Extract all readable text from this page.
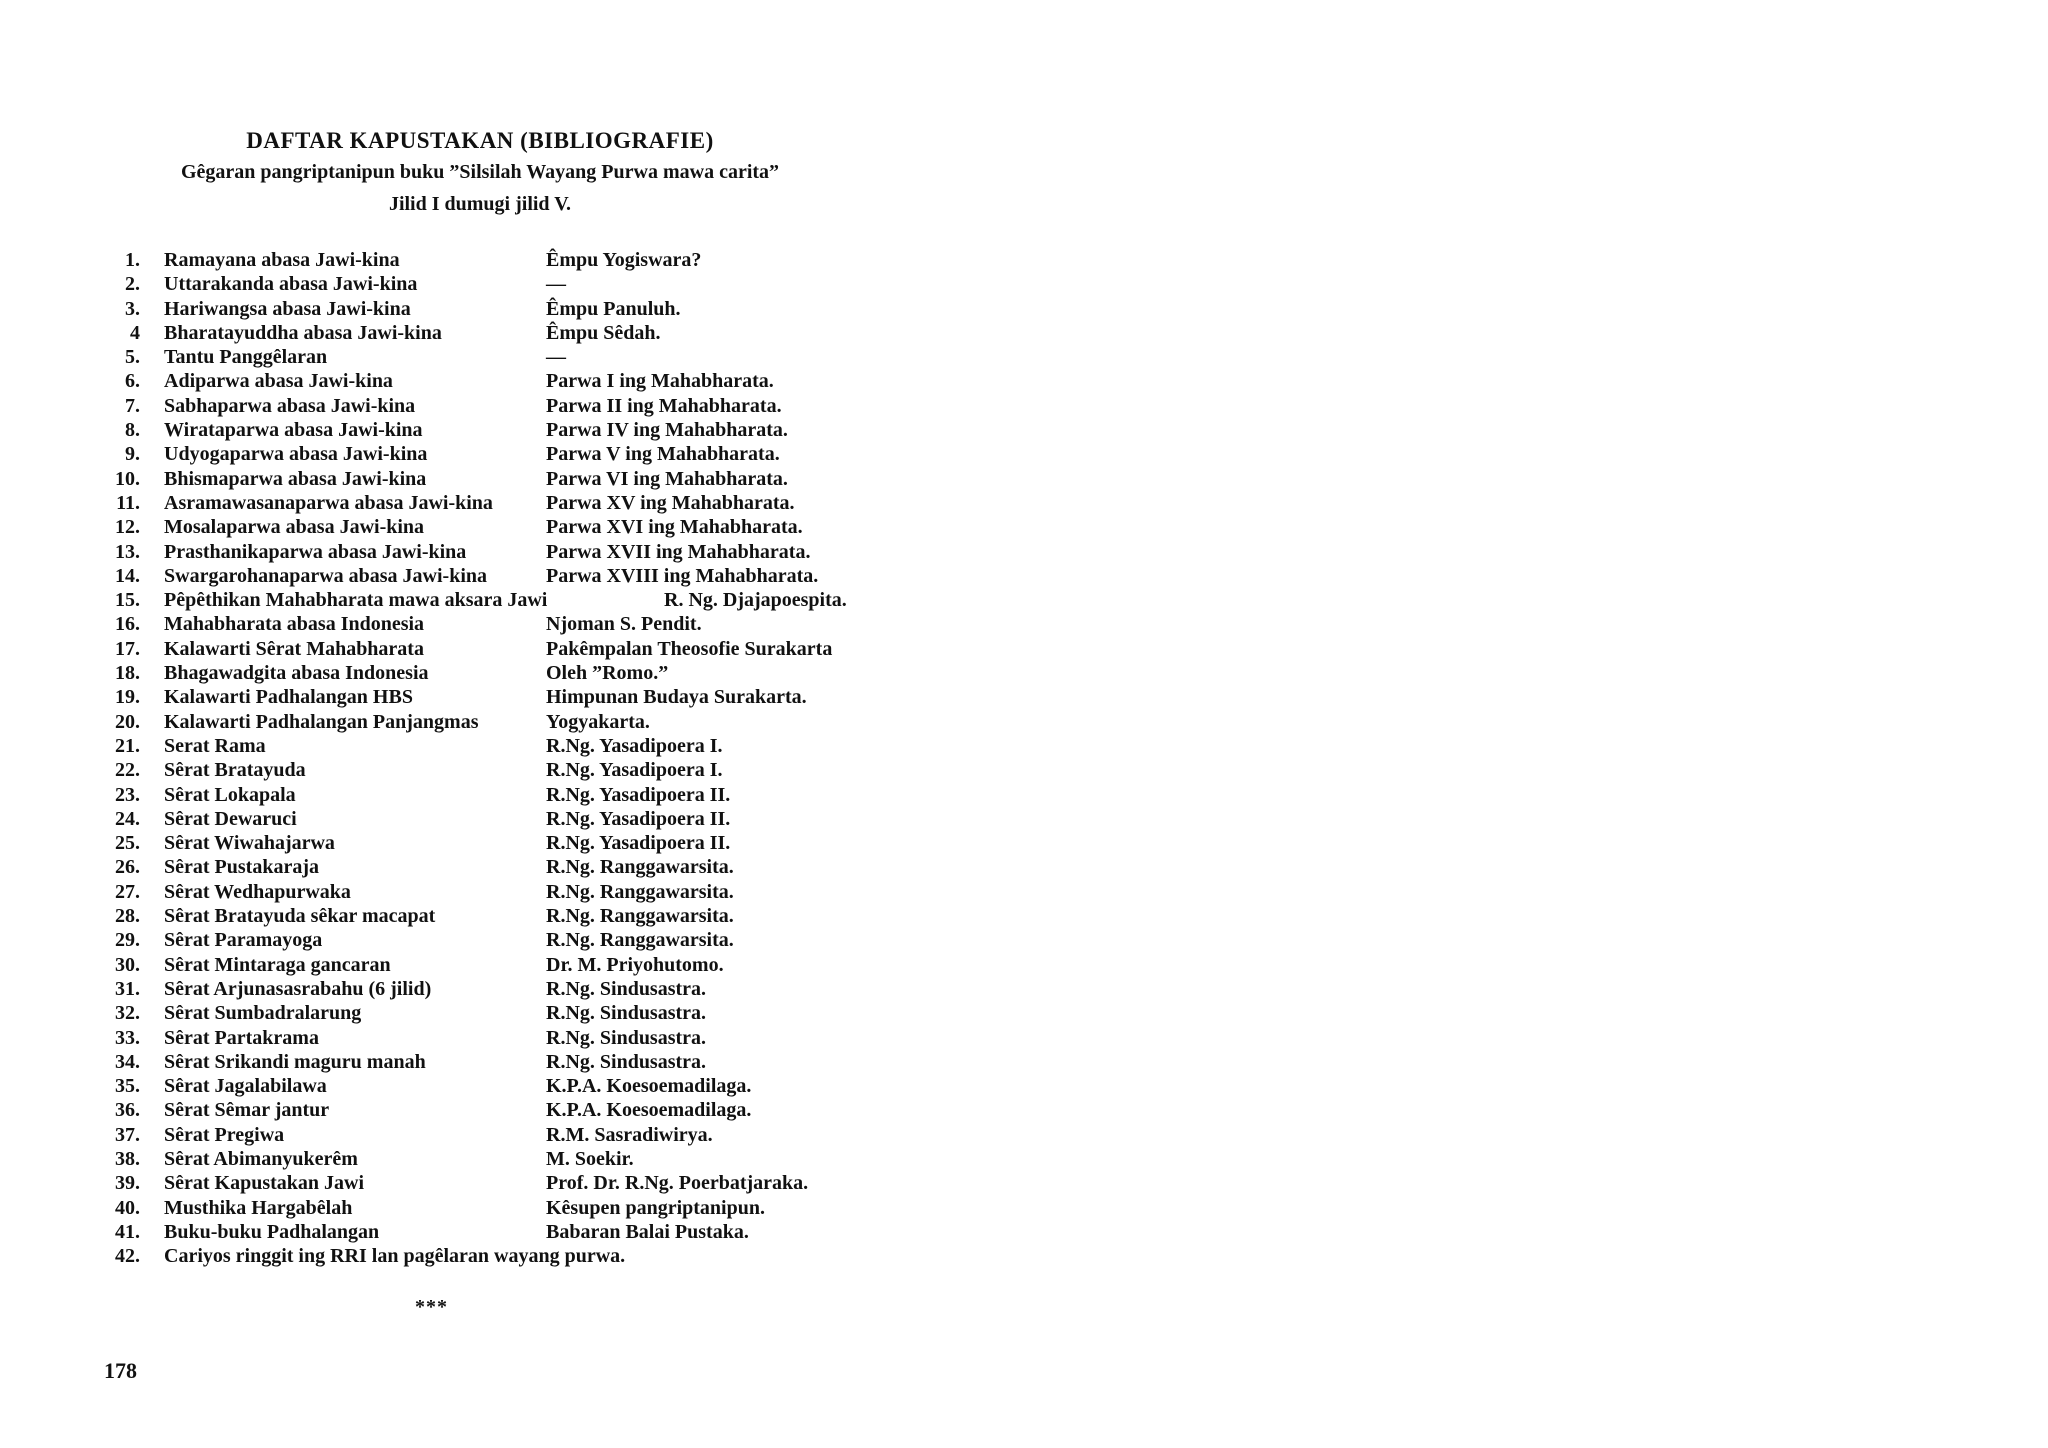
DAFTAR KAPUSTAKAN (BIBLIOGRAFIE)
Gêgaran pangriptanipun buku ”Silsilah Wayang Purwa mawa carita”
Jilid I dumugi jilid V.
1. Ramayana abasa Jawi-kina	Êmpu Yogiswara?
2. Uttarakanda abasa Jawi-kina	—
3. Hariwangsa abasa Jawi-kina	Êmpu Panuluh.
4 Bharatayuddha abasa Jawi-kina	Êmpu Sêdah.
5. Tantu Panggêlaran	—
6. Adiparwa abasa Jawi-kina	Parwa I ing Mahabharata.
7. Sabhaparwa abasa Jawi-kina	Parwa II ing Mahabharata.
8. Wirataparwa abasa Jawi-kina	Parwa IV ing Mahabharata.
9. Udyogaparwa abasa Jawi-kina	Parwa V ing Mahabharata.
10. Bhismaparwa abasa Jawi-kina	Parwa VI ing Mahabharata.
11. Asramawasanaparwa abasa Jawi-kina	Parwa XV ing Mahabharata.
12. Mosalaparwa abasa Jawi-kina	Parwa XVI ing Mahabharata.
13. Prasthanikaparwa abasa Jawi-kina	Parwa XVII ing Mahabharata.
14. Swargarohanaparwa abasa Jawi-kina	Parwa XVIII ing Mahabharata.
15. Pêpêthikan Mahabharata mawa aksara Jawi	R. Ng. Djajapoespita.
16. Mahabharata abasa Indonesia	Njoman S. Pendit.
17. Kalawarti Sêrat Mahabharata	Pakêmpalan Theosofie Surakarta
18. Bhagawadgita abasa Indonesia	Oleh ”Romo.”
19. Kalawarti Padhalangan HBS	Himpunan Budaya Surakarta.
20. Kalawarti Padhalangan Panjangmas	Yogyakarta.
21. Serat Rama	R.Ng. Yasadipoera I.
22. Sêrat Bratayuda	R.Ng. Yasadipoera I.
23. Sêrat Lokapala	R.Ng. Yasadipoera II.
24. Sêrat Dewaruci	R.Ng. Yasadipoera II.
25. Sêrat Wiwahajarwa	R.Ng. Yasadipoera II.
26. Sêrat Pustakaraja	R.Ng. Ranggawarsita.
27. Sêrat Wedhapurwaka	R.Ng. Ranggawarsita.
28. Sêrat Bratayuda sêkar macapat	R.Ng. Ranggawarsita.
29. Sêrat Paramayoga	R.Ng. Ranggawarsita.
30. Sêrat Mintaraga gancaran	Dr. M. Priyohutomo.
31. Sêrat Arjunasasrabahu (6 jilid)	R.Ng. Sindusastra.
32. Sêrat Sumbadralarung	R.Ng. Sindusastra.
33. Sêrat Partakrama	R.Ng. Sindusastra.
34. Sêrat Srikandi maguru manah	R.Ng. Sindusastra.
35. Sêrat Jagalabilawa	K.P.A. Koesoemadilaga.
36. Sêrat Sêmar jantur	K.P.A. Koesoemadilaga.
37. Sêrat Pregiwa	R.M. Sasradiwirya.
38. Sêrat Abimanyukerêm	M. Soekir.
39. Sêrat Kapustakan Jawi	Prof. Dr. R.Ng. Poerbatjaraka.
40. Musthika Hargabêlah	Kêsupen pangriptanipun.
41. Buku-buku Padhalangan	Babaran Balai Pustaka.
42. Cariyos ringgit ing RRI lan pagêlaran wayang purwa.
***
178
